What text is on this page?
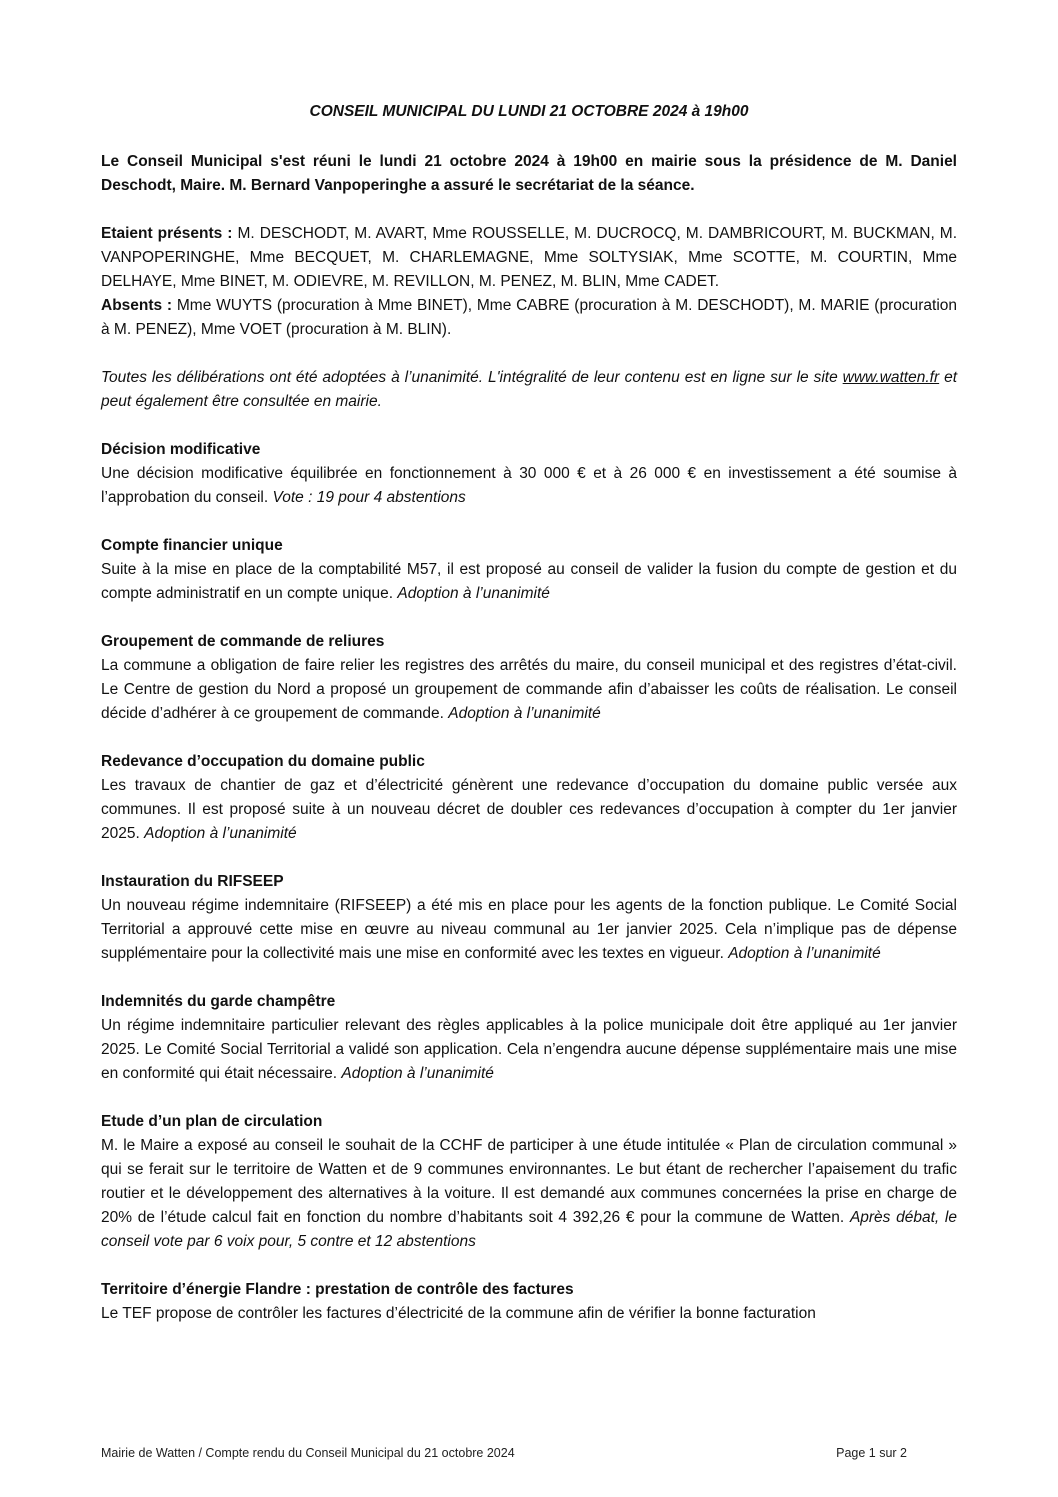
CONSEIL MUNICIPAL DU LUNDI 21 OCTOBRE 2024 à 19h00

Le Conseil Municipal s'est réuni le lundi 21 octobre 2024 à 19h00 en mairie sous la présidence de M. Daniel Deschodt, Maire. M. Bernard Vanpoperinghe a assuré le secrétariat de la séance.

Etaient présents : M. DESCHODT, M. AVART, Mme ROUSSELLE, M. DUCROCQ, M. DAMBRICOURT, M. BUCKMAN, M. VANPOPERINGHE, Mme BECQUET, M. CHARLEMAGNE, Mme SOLTYSIAK, Mme SCOTTE, M. COURTIN, Mme DELHAYE, Mme BINET, M. ODIEVRE, M. REVILLON, M. PENEZ, M. BLIN, Mme CADET.

Absents : Mme WUYTS (procuration à Mme BINET), Mme CABRE (procuration à M. DESCHODT), M. MARIE (procuration à M. PENEZ), Mme VOET (procuration à M. BLIN).

Toutes les délibérations ont été adoptées à l’unanimité. L'intégralité de leur contenu est en ligne sur le site www.watten.fr et peut également être consultée en mairie.

Décision modificative

Une décision modificative équilibrée en fonctionnement à 30 000 € et à 26 000 € en investissement a été soumise à l’approbation du conseil. Vote : 19 pour 4 abstentions

Compte financier unique

Suite à la mise en place de la comptabilité M57, il est proposé au conseil de valider la fusion du compte de gestion et du compte administratif en un compte unique. Adoption à l’unanimité

Groupement de commande de reliures

La commune a obligation de faire relier les registres des arrêtés du maire, du conseil municipal et des registres d’état-civil. Le Centre de gestion du Nord a proposé un groupement de commande afin d’abaisser les coûts de réalisation. Le conseil décide d’adhérer à ce groupement de commande. Adoption à l’unanimité

Redevance d’occupation du domaine public

Les travaux de chantier de gaz et d’électricité génèrent une redevance d’occupation du domaine public versée aux communes. Il est proposé suite à un nouveau décret de doubler ces redevances d’occupation à compter du 1er janvier 2025. Adoption à l’unanimité

Instauration du RIFSEEP

Un nouveau régime indemnitaire (RIFSEEP) a été mis en place pour les agents de la fonction publique. Le Comité Social Territorial a approuvé cette mise en œuvre au niveau communal au 1er janvier 2025. Cela n’implique pas de dépense supplémentaire pour la collectivité mais une mise en conformité avec les textes en vigueur. Adoption à l’unanimité

Indemnités du garde champêtre

Un régime indemnitaire particulier relevant des règles applicables à la police municipale doit être appliqué au 1er janvier 2025. Le Comité Social Territorial a validé son application. Cela n’engendra aucune dépense supplémentaire mais une mise en conformité qui était nécessaire. Adoption à l’unanimité

Etude d’un plan de circulation

M. le Maire a exposé au conseil le souhait de la CCHF de participer à une étude intitulée « Plan de circulation communal » qui se ferait sur le territoire de Watten et de 9 communes environnantes. Le but étant de rechercher l’apaisement du trafic routier et le développement des alternatives à la voiture. Il est demandé aux communes concernées la prise en charge de 20% de l’étude calcul fait en fonction du nombre d’habitants soit 4 392,26 € pour la commune de Watten. Après débat, le conseil vote par 6 voix pour, 5 contre et 12 abstentions

Territoire d’énergie Flandre : prestation de contrôle des factures

Le TEF propose de contrôler les factures d’électricité de la commune afin de vérifier la bonne facturation

Mairie de Watten / Compte rendu du Conseil Municipal du 21 octobre 2024	Page 1 sur 2
